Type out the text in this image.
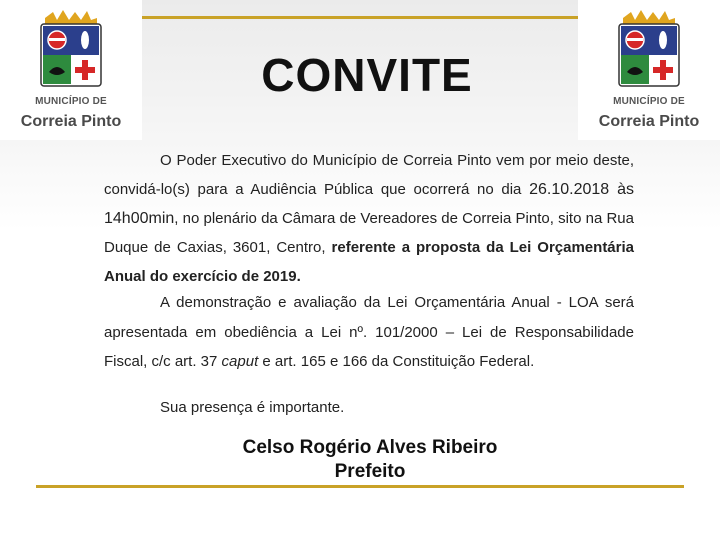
MUNICÍPIO DE
Correia Pinto
MUNICÍPIO DE
Correia Pinto
CONVITE
O Poder Executivo do Município de Correia Pinto vem por meio deste, convidá-lo(s) para a Audiência Pública que ocorrerá no dia 26.10.2018 às 14h00min, no plenário da Câmara de Vereadores de Correia Pinto, sito na Rua Duque de Caxias, 3601, Centro, referente a proposta da Lei Orçamentária Anual do exercício de 2019.
A demonstração e avaliação da Lei Orçamentária Anual - LOA será apresentada em obediência a Lei nº. 101/2000 – Lei de Responsabilidade Fiscal, c/c art. 37 caput e art. 165 e 166 da Constituição Federal.
Sua presença é importante.
Celso Rogério Alves Ribeiro
Prefeito
